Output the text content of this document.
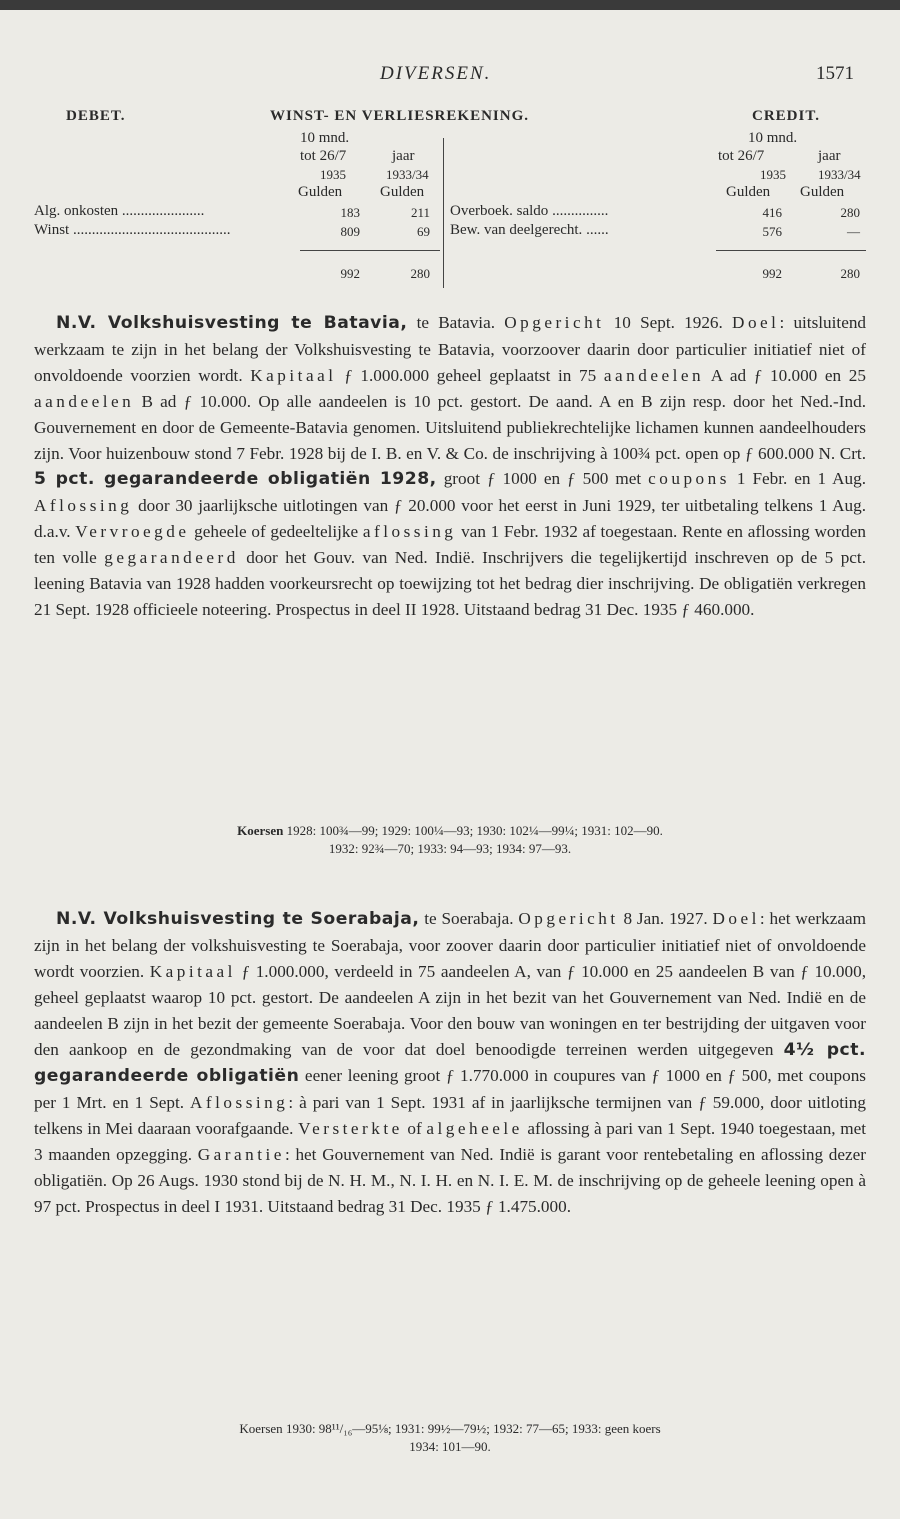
DIVERSEN.	1571
DEBET.	WINST- EN VERLIESREKENING.	CREDIT.
10 mnd.
tot 26/7	jaar
1935	1933/34
Gulden	Gulden
Alg. onkosten ......................	183	211
Winst ..........................................	809	69
992	280
10 mnd.
tot 26/7	jaar
1935 1933/34
Gulden Gulden
Overboek. saldo ...............	416	280
Bew. van deelgerecht. ......	576	—
992	280

N.V. Volkshuisvesting te Batavia, te Batavia. Opgericht 10 Sept. 1926. Doel: uitsluitend werkzaam te zijn in het belang der Volkshuisvesting te Batavia, voorzoover daarin door particulier initiatief niet of onvoldoende voorzien wordt. Kapitaal ƒ 1.000.000 geheel geplaatst in 75 aandeelen A ad ƒ 10.000 en 25 aandeelen B ad ƒ 10.000. Op alle aandeelen is 10 pct. gestort. De aand. A en B zijn resp. door het Ned.-Ind. Gouvernement en door de Gemeente-Batavia genomen. Uitsluitend publiekrechtelijke lichamen kunnen aandeelhouders zijn. Voor huizenbouw stond 7 Febr. 1928 bij de I. B. en V. & Co. de inschrijving à 100¾ pct. open op ƒ 600.000 N. Crt. 5 pct. gegarandeerde obligatiën 1928, groot ƒ 1000 en ƒ 500 met coupons 1 Febr. en 1 Aug. Aflossing door 30 jaarlijksche uitlotingen van ƒ 20.000 voor het eerst in Juni 1929, ter uitbetaling telkens 1 Aug. d.a.v. Vervroegde geheele of gedeeltelijke aflossing van 1 Febr. 1932 af toegestaan. Rente en aflossing worden ten volle gegarandeerd door het Gouv. van Ned. Indië. Inschrijvers die tegelijkertijd inschreven op de 5 pct. leening Batavia van 1928 hadden voorkeursrecht op toewijzing tot het bedrag dier inschrijving. De obligatiën verkregen 21 Sept. 1928 officieele noteering. Prospectus in deel II 1928. Uitstaand bedrag 31 Dec. 1935 ƒ 460.000.

Koersen 1928: 100¾—99; 1929: 100¼—93; 1930: 102¼—99¼; 1931: 102—90.
1932: 92¾—70; 1933: 94—93; 1934: 97—93.

N.V. Volkshuisvesting te Soerabaja, te Soerabaja. Opgericht 8 Jan. 1927. Doel: het werkzaam zijn in het belang der volkshuisvesting te Soerabaja, voor zoover daarin door particulier initiatief niet of onvoldoende wordt voorzien. Kapitaal ƒ 1.000.000, verdeeld in 75 aandeelen A, van ƒ 10.000 en 25 aandeelen B van ƒ 10.000, geheel geplaatst waarop 10 pct. gestort. De aandeelen A zijn in het bezit van het Gouvernement van Ned. Indië en de aandeelen B zijn in het bezit der gemeente Soerabaja. Voor den bouw van woningen en ter bestrijding der uitgaven voor den aankoop en de gezondmaking van de voor dat doel benoodigde terreinen werden uitgegeven 4½ pct. gegarandeerde obligatiën eener leening groot ƒ 1.770.000 in coupures van ƒ 1000 en ƒ 500, met coupons per 1 Mrt. en 1 Sept. Aflossing: à pari van 1 Sept. 1931 af in jaarlijksche termijnen van ƒ 59.000, door uitloting telkens in Mei daaraan voorafgaande. Versterkte of algeheele aflossing à pari van 1 Sept. 1940 toegestaan, met 3 maanden opzegging. Garantie: het Gouvernement van Ned. Indië is garant voor rentebetaling en aflossing dezer obligatiën. Op 26 Augs. 1930 stond bij de N. H. M., N. I. H. en N. I. E. M. de inschrijving op de geheele leening open à 97 pct. Prospectus in deel I 1931. Uitstaand bedrag 31 Dec. 1935 ƒ 1.475.000.

Koersen 1930: 98¹¹/₁₆—95⅛; 1931: 99½—79½; 1932: 77—65; 1933: geen koers
1934: 101—90.
